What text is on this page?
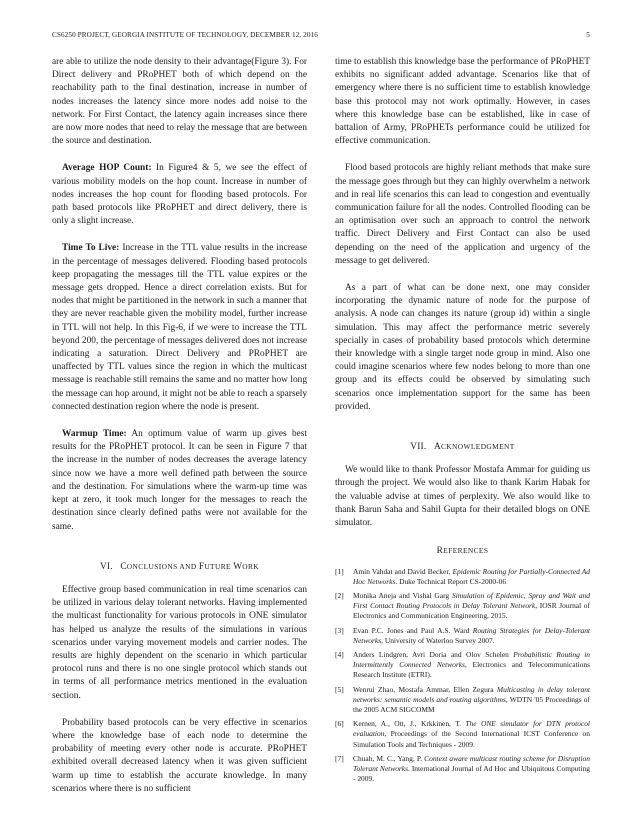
CS6250 PROJECT, GEORGIA INSTITUTE OF TECHNOLOGY, DECEMBER 12, 2016	5

are able to utilize the node density to their advantage(Figure 3). For Direct delivery and PRoPHET both of which depend on the reachability path to the final destination, increase in number of nodes increases the latency since more nodes add noise to the network. For First Contact, the latency again increases since there are now more nodes that need to relay the message that are between the source and destination.

Average HOP Count: In Figure4 & 5, we see the effect of various mobility models on the hop count. Increase in number of nodes increases the hop count for flooding based protocols. For path based protocols like PRoPHET and direct delivery, there is only a slight increase.

Time To Live: Increase in the TTL value results in the increase in the percentage of messages delivered. Flooding based protocols keep propagating the messages till the TTL value expires or the message gets dropped. Hence a direct correlation exists. But for nodes that might be partitioned in the network in such a manner that they are never reachable given the mobility model, further increase in TTL will not help. In this Fig-6, if we were to increase the TTL beyond 200, the percentage of messages delivered does not increase indicating a saturation. Direct Delivery and PRoPHET are unaffected by TTL values since the region in which the multicast message is reachable still remains the same and no matter how long the message can hop around, it might not be able to reach a sparsely connected destination region where the node is present.

Warmup Time: An optimum value of warm up gives best results for the PRoPHET protocol. It can be seen in Figure 7 that the increase in the number of nodes decreases the average latency since now we have a more well defined path between the source and the destination. For simulations where the warm-up time was kept at zero, it took much longer for the messages to reach the destination since clearly defined paths were not available for the same.

VI. CONCLUSIONS AND FUTURE WORK

Effective group based communication in real time scenarios can be utilized in various delay tolerant networks. Having implemented the multicast functionality for various protocols in ONE simulator has helped us analyze the results of the simulations in various scenarios under varying movement models and carrier nodes. The results are highly dependent on the scenario in which particular protocol runs and there is no one single protocol which stands out in terms of all performance metrics mentioned in the evaluation section.

Probability based protocols can be very effective in scenarios where the knowledge base of each node to determine the probability of meeting every other node is accurate. PRoPHET exhibited overall decreased latency when it was given sufficient warm up time to establish the accurate knowledge. In many scenarios where there is no sufficient

time to establish this knowledge base the performance of PRoPHET exhibits no significant added advantage. Scenarios like that of emergency where there is no sufficient time to establish knowledge base this protocol may not work optimally. However, in cases where this knowledge base can be established, like in case of battalion of Army, PRoPHETs performance could be utilized for effective communication.

Flood based protocols are highly reliant methods that make sure the message goes through but they can highly overwhelm a network and in real life scenarios this can lead to congestion and eventually communication failure for all the nodes. Controlled flooding can be an optimisation over such an approach to control the network traffic. Direct Delivery and First Contact can also be used depending on the need of the application and urgency of the message to get delivered.

As a part of what can be done next, one may consider incorporating the dynamic nature of node for the purpose of analysis. A node can changes its nature (group id) within a single simulation. This may affect the performance metric severely specially in cases of probability based protocols which determine their knowledge with a single target node group in mind. Also one could imagine scenarios where few nodes belong to more than one group and its effects could be observed by simulating such scenarios once implementation support for the same has been provided.

VII. ACKNOWLEDGMENT

We would like to thank Professor Mostafa Ammar for guiding us through the project. We would also like to thank Karim Habak for the valuable advise at times of perplexity. We also would like to thank Barun Saha and Sahil Gupta for their detailed blogs on ONE simulator.

REFERENCES
[1] Amin Vahdat and David Becker, Epidemic Routing for Partially-Connected Ad Hoc Networks. Duke Technical Report CS-2000-06
[2] Monika Aneja and Vishal Garg Simulation of Epidemic, Spray and Wait and First Contact Routing Protocols in Delay Tolerant Network, IOSR Journal of Electronics and Communication Engineering, 2015.
[3] Evan P.C. Jones and Paul A.S. Ward Routing Strategies for Delay-Tolerant Networks, University of Waterloo Survey 2007.
[4] Anders Lindgren, Avri Doria and Olov Schelen Probabilistic Routing in Intermittently Connected Networks, Electronics and Telecommunications Research Institute (ETRI).
[5] Wenrui Zhao, Mostafa Ammar, Ellen Zegura Multicasting in delay tolerant networks: semantic models and routing algorithms, WDTN '05 Proceedings of the 2005 ACM SIGCOMM
[6] Kernen, A., Ott, J., Krkkinen, T. The ONE simulator for DTN protocol evaluation, Proceedings of the Second International ICST Conference on Simulation Tools and Techniques - 2009.
[7] Chuah, M. C., Yang, P. Context aware multicast routing scheme for Disruption Tolerant Networks. International Journal of Ad Hoc and Ubiquitous Computing - 2009.
